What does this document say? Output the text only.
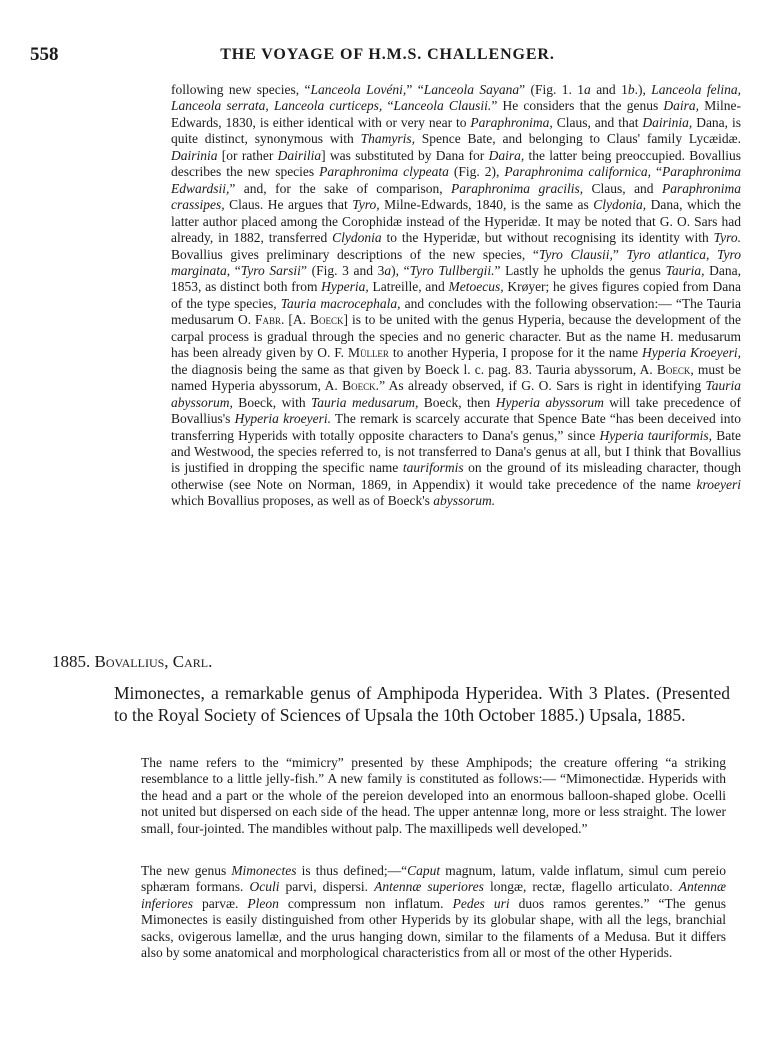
558	THE VOYAGE OF H.M.S. CHALLENGER.
following new species, “Lanceola Lovéni,” “Lanceola Sayana” (Fig. 1. 1a and 1b.), Lanceola felina, Lanceola serrata, Lanceola curticeps, “Lanceola Clausii.” He considers that the genus Daira, Milne-Edwards, 1830, is either identical with or very near to Paraphronima, Claus, and that Dairinia, Dana, is quite distinct, synonymous with Thamyris, Spence Bate, and belonging to Claus' family Lycæidæ. Dairinia [or rather Dairilia] was substituted by Dana for Daira, the latter being preoccupied. Bovallius describes the new species Paraphronima clypeata (Fig. 2), Paraphronima californica, “Paraphronima Edwardsii,” and, for the sake of comparison, Paraphronima gracilis, Claus, and Paraphronima crassipes, Claus. He argues that Tyro, Milne-Edwards, 1840, is the same as Clydonia, Dana, which the latter author placed among the Corophidæ instead of the Hyperidæ. It may be noted that G. O. Sars had already, in 1882, transferred Clydonia to the Hyperidæ, but without recognising its identity with Tyro. Bovallius gives preliminary descriptions of the new species, “Tyro Clausii,” Tyro atlantica, Tyro marginata, “Tyro Sarsii” (Fig. 3 and 3a), “Tyro Tullbergii.” Lastly he upholds the genus Tauria, Dana, 1853, as distinct both from Hyperia, Latreille, and Metoecus, Krøyer; he gives figures copied from Dana of the type species, Tauria macrocephala, and concludes with the following observation:— “The Tauria medusarum O. Fabr. [A. Boeck] is to be united with the genus Hyperia, because the development of the carpal process is gradual through the species and no generic character. But as the name H. medusarum has been already given by O. F. Müller to another Hyperia, I propose for it the name Hyperia Kroeyeri, the diagnosis being the same as that given by Boeck l. c. pag. 83. Tauria abyssorum, A. Boeck, must be named Hyperia abyssorum, A. Boeck.” As already observed, if G. O. Sars is right in identifying Tauria abyssorum, Boeck, with Tauria medusarum, Boeck, then Hyperia abyssorum will take precedence of Bovallius's Hyperia kroeyeri. The remark is scarcely accurate that Spence Bate “has been deceived into transferring Hyperids with totally opposite characters to Dana's genus,” since Hyperia tauriformis, Bate and Westwood, the species referred to, is not transferred to Dana's genus at all, but I think that Bovallius is justified in dropping the specific name tauriformis on the ground of its misleading character, though otherwise (see Note on Norman, 1869, in Appendix) it would take precedence of the name kroeyeri which Bovallius proposes, as well as of Boeck's abyssorum.
1885. Bovallius, Carl.
Mimonectes, a remarkable genus of Amphipoda Hyperidea. With 3 Plates. (Presented to the Royal Society of Sciences of Upsala the 10th October 1885.) Upsala, 1885.
The name refers to the “mimicry” presented by these Amphipods; the creature offering “a striking resemblance to a little jelly-fish.” A new family is constituted as follows:— “Mimonectidæ. Hyperids with the head and a part or the whole of the pereion developed into an enormous balloon-shaped globe. Ocelli not united but dispersed on each side of the head. The upper antennæ long, more or less straight. The lower small, four-jointed. The mandibles without palp. The maxillipeds well developed.”
The new genus Mimonectes is thus defined;—“Caput magnum, latum, valde inflatum, simul cum pereio sphæram formans. Oculi parvi, dispersi. Antennæ superiores longæ, rectæ, flagello articulato. Antennæ inferiores parvæ. Pleon compressum non inflatum. Pedes uri duos ramos gerentes.” “The genus Mimonectes is easily distinguished from other Hyperids by its globular shape, with all the legs, branchial sacks, ovigerous lamellæ, and the urus hanging down, similar to the filaments of a Medusa. But it differs also by some anatomical and morphological characteristics from all or most of the other Hyperids.
